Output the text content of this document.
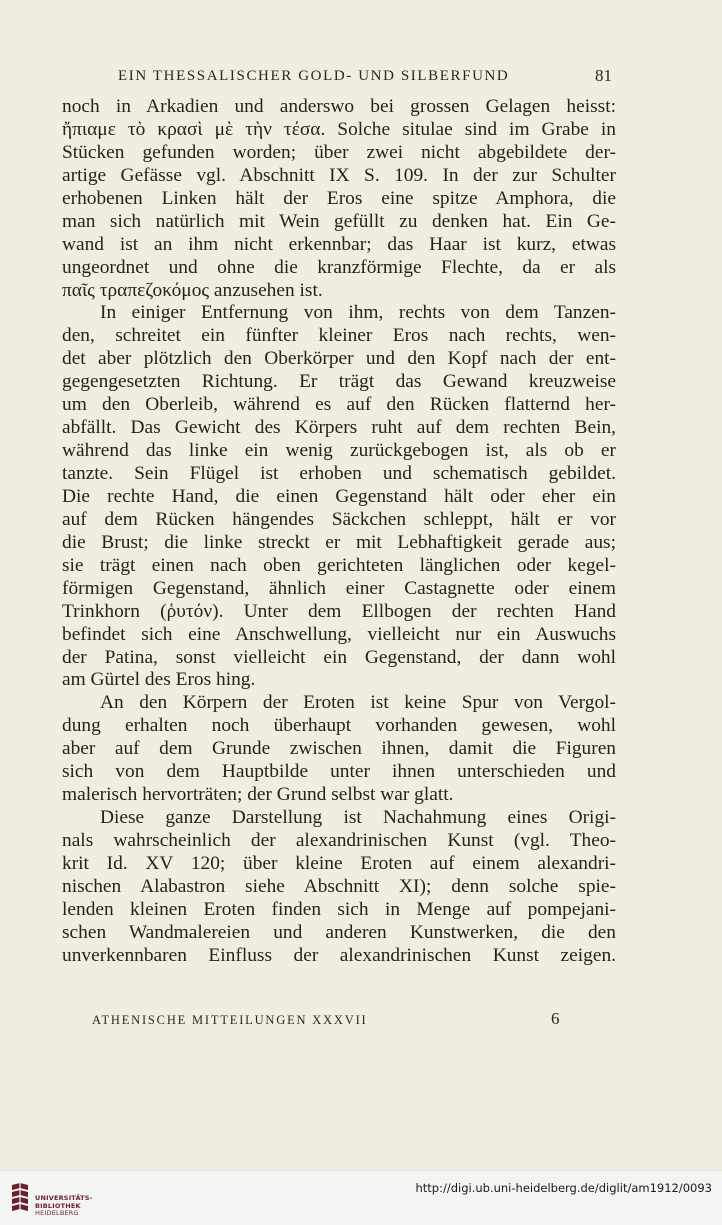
EIN THESSALISCHER GOLD- UND SILBERFUND	81
noch in Arkadien und anderswo bei grossen Gelagen heisst:
ἤπιαμε τὸ κρασὶ μὲ τὴν τέσα. Solche situlae sind im Grabe in
Stücken gefunden worden; über zwei nicht abgebildete der-
artige Gefässe vgl. Abschnitt IX S. 109. In der zur Schulter
erhobenen Linken hält der Eros eine spitze Amphora, die
man sich natürlich mit Wein gefüllt zu denken hat. Ein Ge-
wand ist an ihm nicht erkennbar; das Haar ist kurz, etwas
ungeordnet und ohne die kranzförmige Flechte, da er als
παῖς τραπεζοκόμος anzusehen ist.
In einiger Entfernung von ihm, rechts von dem Tanzen-
den, schreitet ein fünfter kleiner Eros nach rechts, wen-
det aber plötzlich den Oberkörper und den Kopf nach der ent-
gegengesetzten Richtung. Er trägt das Gewand kreuzweise
um den Oberleib, während es auf den Rücken flatternd her-
abfällt. Das Gewicht des Körpers ruht auf dem rechten Bein,
während das linke ein wenig zurückgebogen ist, als ob er
tanzte. Sein Flügel ist erhoben und schematisch gebildet.
Die rechte Hand, die einen Gegenstand hält oder eher ein
auf dem Rücken hängendes Säckchen schleppt, hält er vor
die Brust; die linke streckt er mit Lebhaftigkeit gerade aus;
sie trägt einen nach oben gerichteten länglichen oder kegel-
förmigen Gegenstand, ähnlich einer Castagnette oder einem
Trinkhorn (ῥυτόν). Unter dem Ellbogen der rechten Hand
befindet sich eine Anschwellung, vielleicht nur ein Auswuchs
der Patina, sonst vielleicht ein Gegenstand, der dann wohl
am Gürtel des Eros hing.
An den Körpern der Eroten ist keine Spur von Vergol-
dung erhalten noch überhaupt vorhanden gewesen, wohl
aber auf dem Grunde zwischen ihnen, damit die Figuren
sich von dem Hauptbilde unter ihnen unterschieden und
malerisch hervorträten; der Grund selbst war glatt.
Diese ganze Darstellung ist Nachahmung eines Origi-
nals wahrscheinlich der alexandrinischen Kunst (vgl. Theo-
krit Id. XV 120; über kleine Eroten auf einem alexandri-
nischen Alabastron siehe Abschnitt XI); denn solche spie-
lenden kleinen Eroten finden sich in Menge auf pompejani-
schen Wandmalereien und anderen Kunstwerken, die den
unverkennbaren Einfluss der alexandrinischen Kunst zeigen.
ATHENISCHE MITTEILUNGEN XXXVII	6
UNIVERSITÄTS-
BIBLIOTHEK
HEIDELBERG
http://digi.ub.uni-heidelberg.de/diglit/am1912/0093
